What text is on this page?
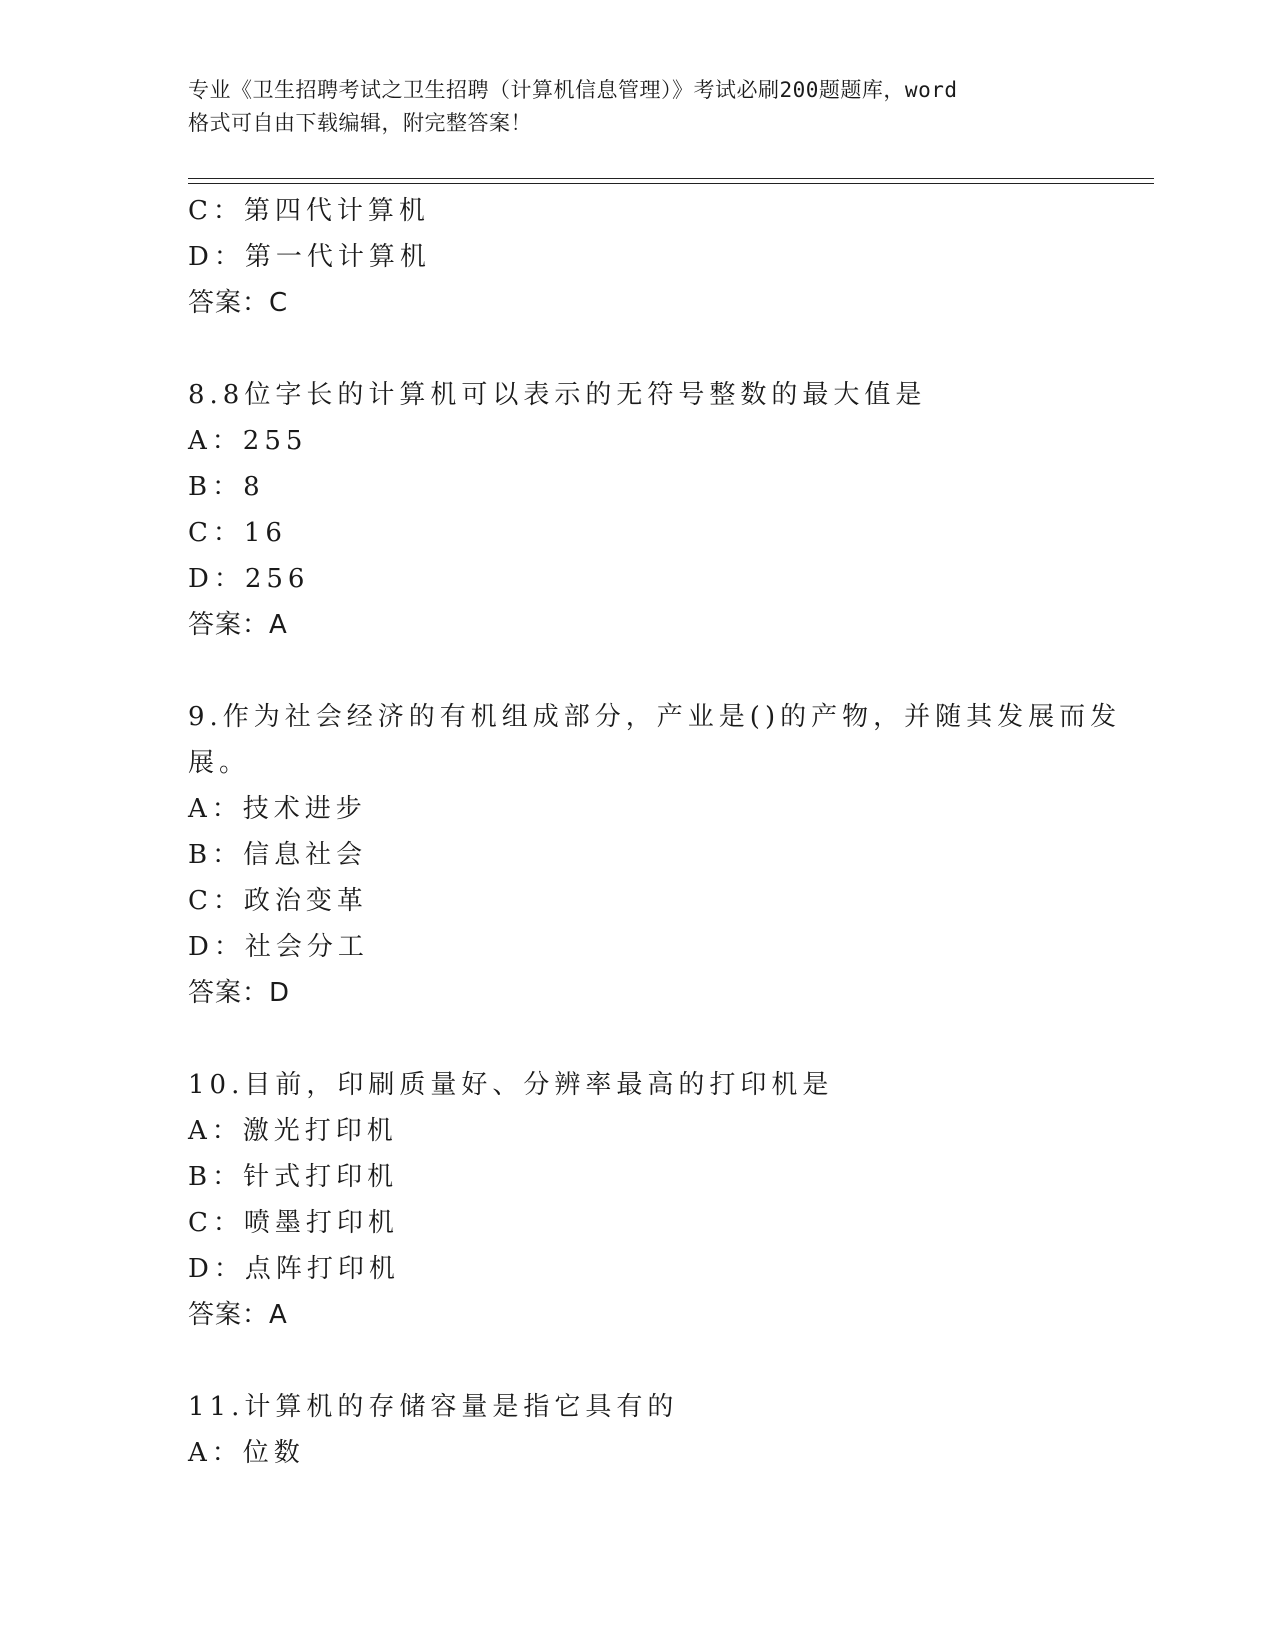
专业《卫生招聘考试之卫生招聘（计算机信息管理）》考试必刷200题题库，word
格式可自由下载编辑，附完整答案！
C：第四代计算机
D：第一代计算机
答案：C
8.8位字长的计算机可以表示的无符号整数的最大值是
A：255
B：8
C：16
D：256
答案：A
9.作为社会经济的有机组成部分，产业是()的产物，并随其发展而发
展。
A：技术进步
B：信息社会
C：政治变革
D：社会分工
答案：D
10.目前，印刷质量好、分辨率最高的打印机是
A：激光打印机
B：针式打印机
C：喷墨打印机
D：点阵打印机
答案：A
11.计算机的存储容量是指它具有的
A：位数
